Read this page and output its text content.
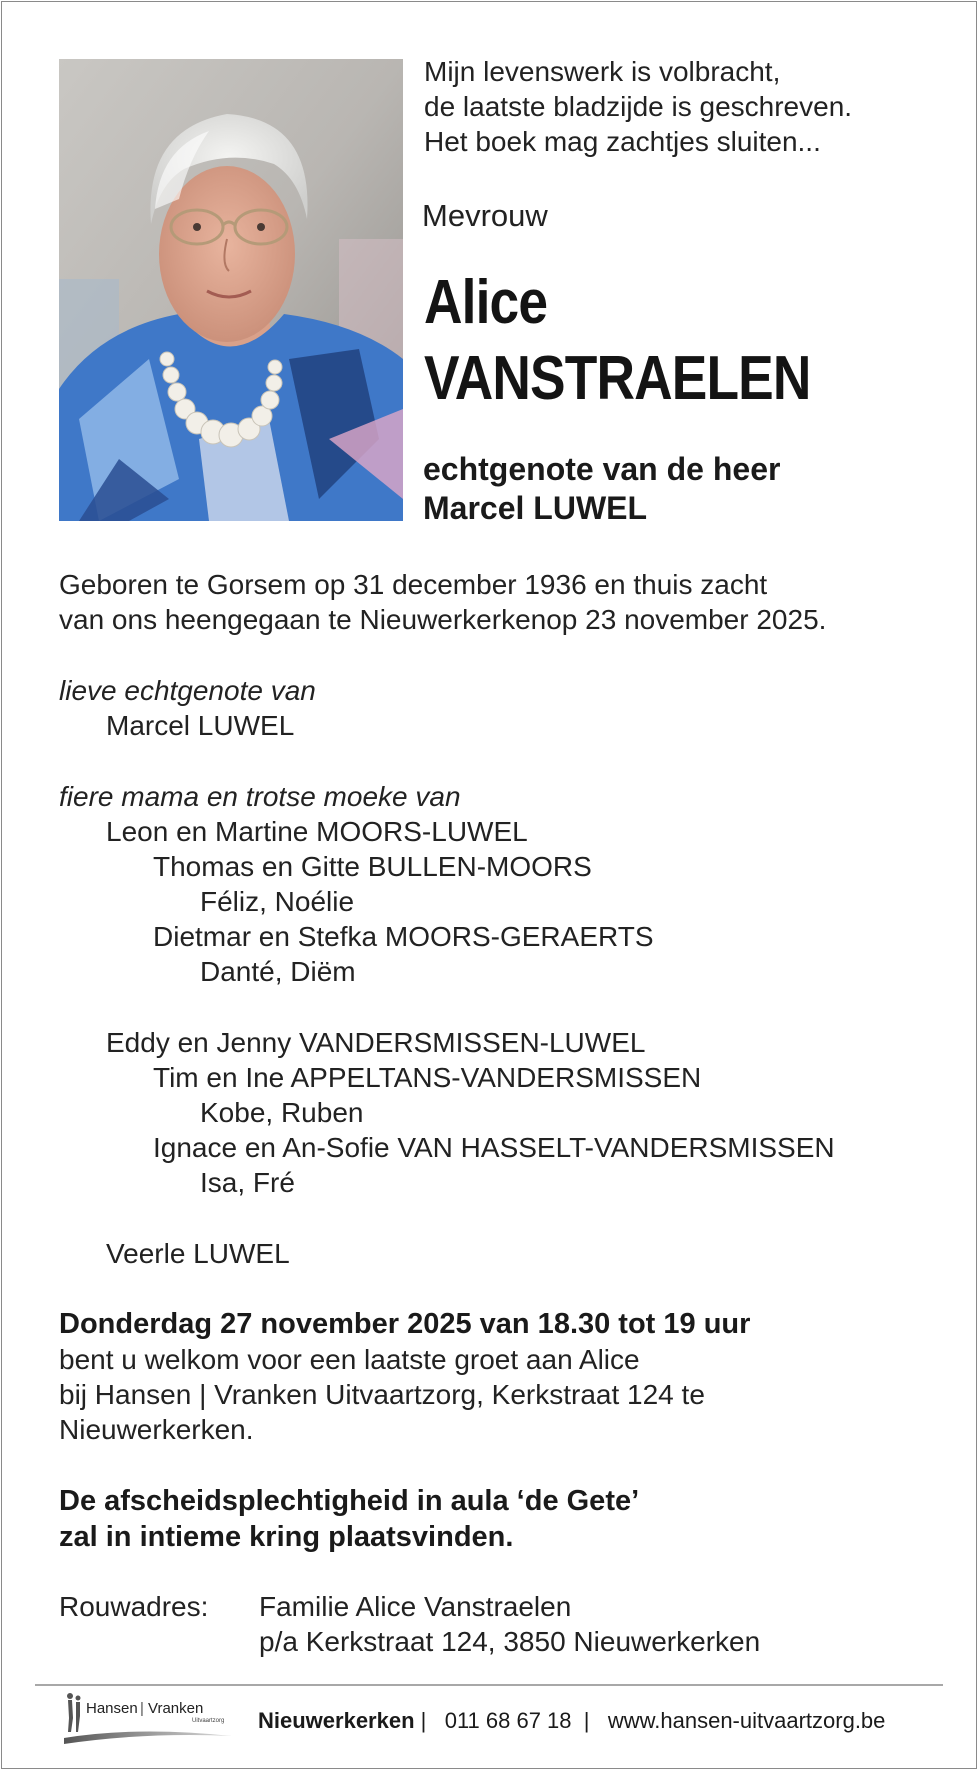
Mijn levenswerk is volbracht,
de laatste bladzijde is geschreven.
Het boek mag zachtjes sluiten...
Mevrouw
Alice
VANSTRAELEN
echtgenote van de heer
Marcel LUWEL
Geboren te Gorsem op 31 december 1936 en thuis zacht
van ons heengegaan te Nieuwerkerkenop 23 november 2025.
lieve echtgenote van
Marcel LUWEL
fiere mama en trotse moeke van
Leon en Martine MOORS-LUWEL
Thomas en Gitte BULLEN-MOORS
Féliz, Noélie
Dietmar en Stefka MOORS-GERAERTS
Danté, Diëm
Eddy en Jenny VANDERSMISSEN-LUWEL
Tim en Ine APPELTANS-VANDERSMISSEN
Kobe, Ruben
Ignace en An-Sofie VAN HASSELT-VANDERSMISSEN
Isa, Fré
Veerle LUWEL
Donderdag 27 november 2025 van 18.30 tot 19 uur
bent u welkom voor een laatste groet aan Alice
bij Hansen | Vranken Uitvaartzorg, Kerkstraat 124 te
Nieuwerkerken.
De afscheidsplechtigheid in aula ‘de Gete’
zal in intieme kring plaatsvinden.
Rouwadres: Familie Alice Vanstraelen
p/a Kerkstraat 124, 3850 Nieuwerkerken
Hansen | Vranken
Uitvaartzorg Nieuwerkerken |   011 68 67 18  |   www.hansen-uitvaartzorg.be
